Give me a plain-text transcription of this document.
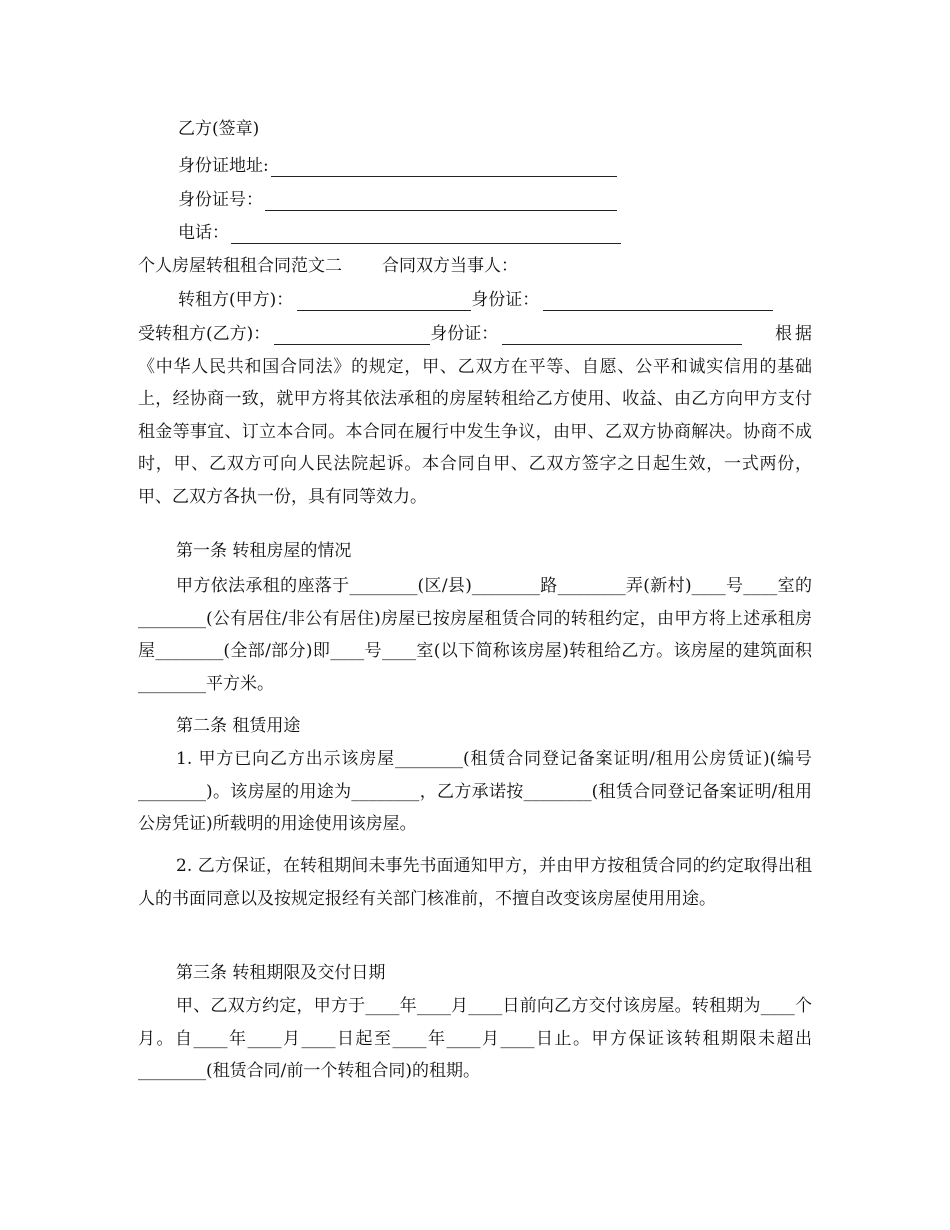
乙方(签章)
身份证地址:
身份证号：
电话：
个人房屋转租租合同范文二 合同双方当事人：
转租方(甲方)：	身份证：
受转租方(乙方)：	身份证：	根据《中华人民共和国合同法》的规定，甲、乙双方在平等、自愿、公平和诚实信用的基础上，经协商一致，就甲方将其依法承租的房屋转租给乙方使用、收益、由乙方向甲方支付租金等事宜、订立本合同。本合同在履行中发生争议，由甲、乙双方协商解决。协商不成时，甲、乙双方可向人民法院起诉。本合同自甲、乙双方签字之日起生效，一式两份，甲、乙双方各执一份，具有同等效力。
第一条 转租房屋的情况
甲方依法承租的座落于________(区/县)________路________弄(新村)____号____室的________(公有居住/非公有居住)房屋已按房屋租赁合同的转租约定，由甲方将上述承租房屋________(全部/部分)即____号____室(以下简称该房屋)转租给乙方。该房屋的建筑面积________平方米。
第二条 租赁用途
1. 甲方已向乙方出示该房屋________(租赁合同登记备案证明/租用公房赁证)(编号________)。该房屋的用途为________，乙方承诺按________(租赁合同登记备案证明/租用公房凭证)所载明的用途使用该房屋。
2. 乙方保证，在转租期间未事先书面通知甲方，并由甲方按租赁合同的约定取得出租人的书面同意以及按规定报经有关部门核准前，不擅自改变该房屋使用用途。
第三条 转租期限及交付日期
甲、乙双方约定，甲方于____年____月____日前向乙方交付该房屋。转租期为____个月。自____年____月____日起至____年____月____日止。甲方保证该转租期限未超出________(租赁合同/前一个转租合同)的租期。
